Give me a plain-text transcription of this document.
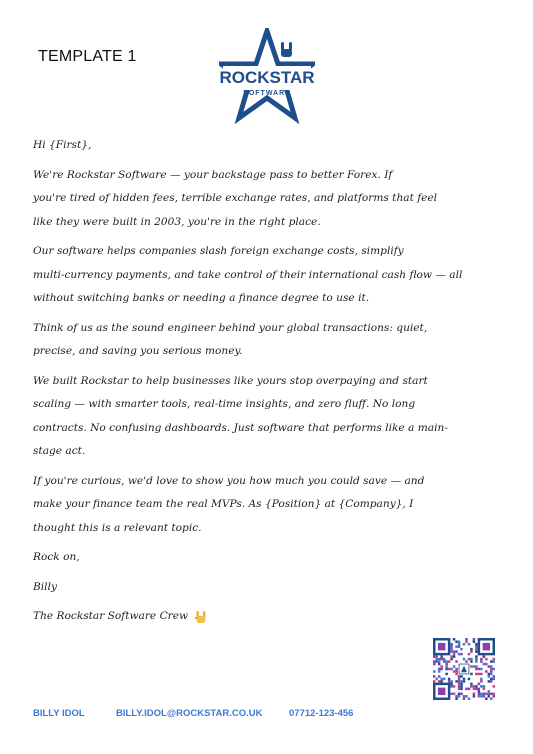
TEMPLATE 1
ROCKSTAR
SOFTWARE

Hi {First},

We're Rockstar Software — your backstage pass to better Forex. If

you're tired of hidden fees, terrible exchange rates, and platforms that feel

like they were built in 2003, you're in the right place.

Our software helps companies slash foreign exchange costs, simplify

multi-currency payments, and take control of their international cash flow — all

without switching banks or needing a finance degree to use it.

Think of us as the sound engineer behind your global transactions: quiet,

precise, and saving you serious money.

We built Rockstar to help businesses like yours stop overpaying and start

scaling — with smarter tools, real-time insights, and zero fluff. No long

contracts. No confusing dashboards. Just software that performs like a main-

stage act.

If you're curious, we'd love to show you how much you could save — and

make your finance team the real MVPs. As {Position} at {Company}, I

thought this is a relevant topic.

Rock on,

Billy

The Rockstar Software Crew
BILLY IDOL	BILLY.IDOL@ROCKSTAR.CO.UK	07712-123-456
